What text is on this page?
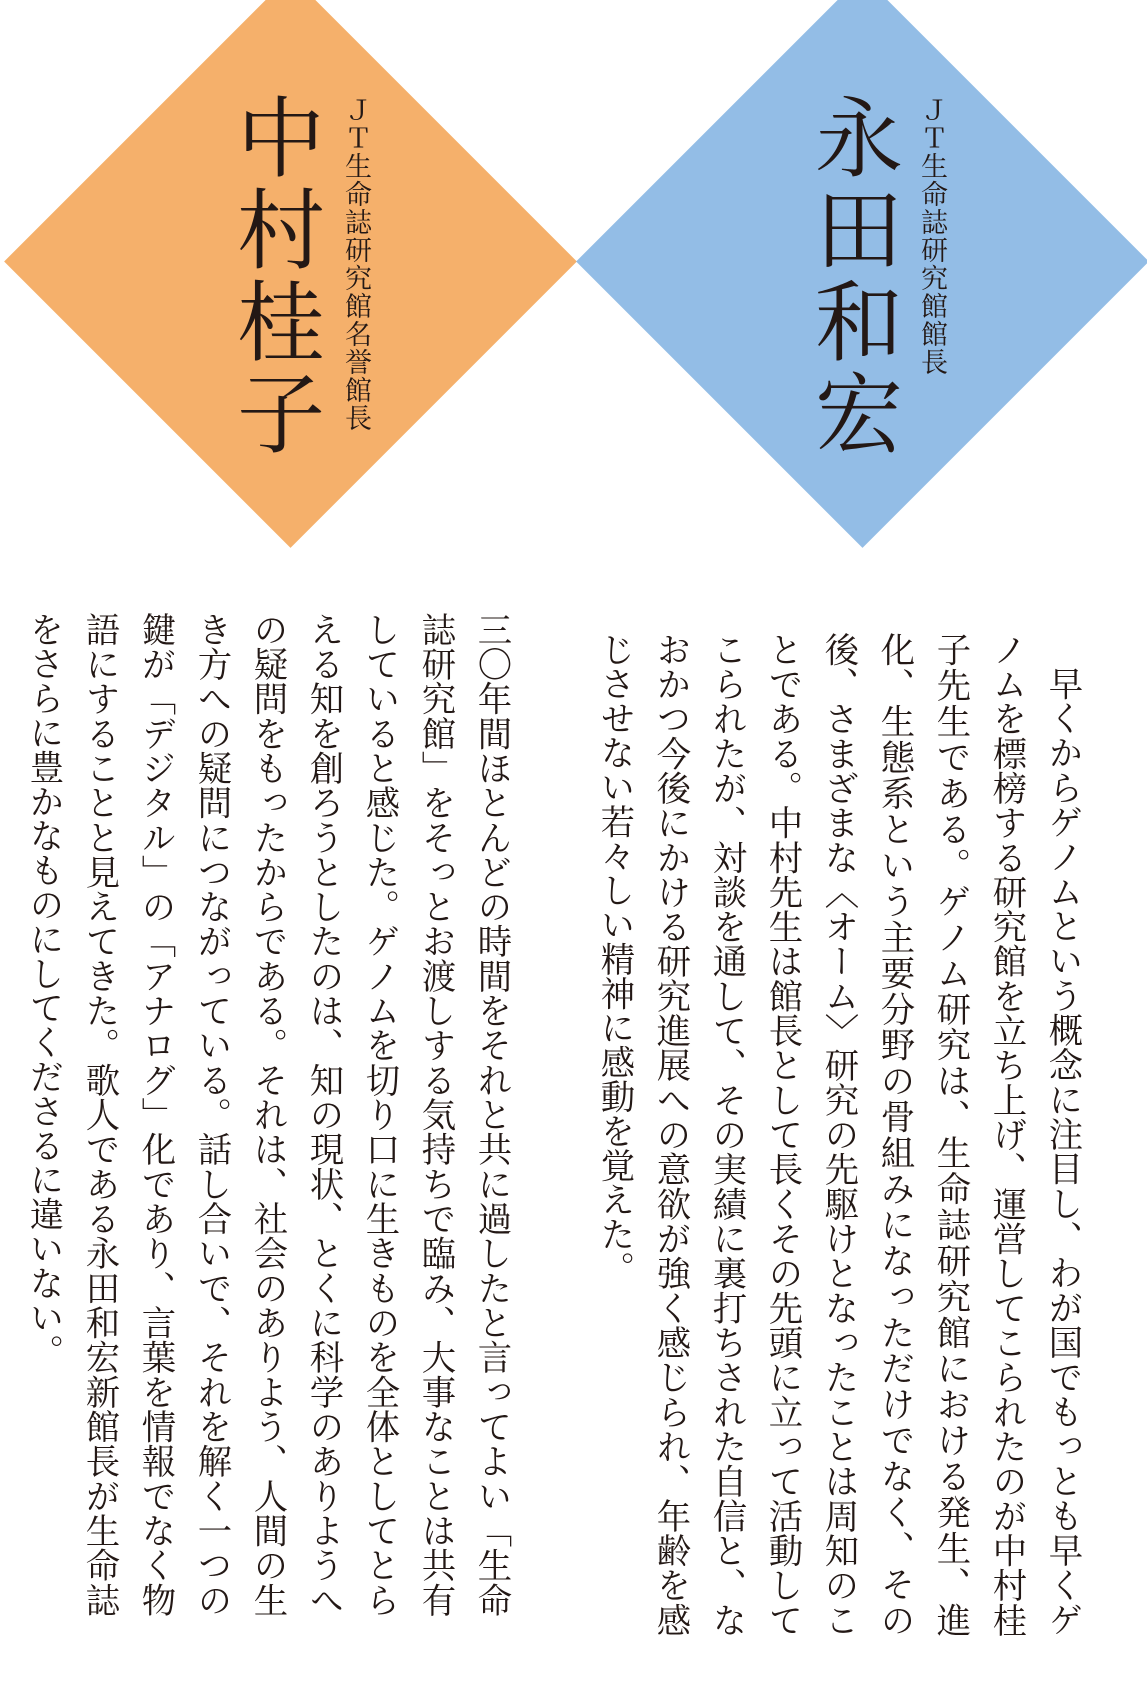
中村桂子 ＪＴ生命誌研究館名誉館長	永田和宏 ＪＴ生命誌研究館館長

早くからゲノムという概念に注目し、わが国でもっとも早くゲノムを標榜する研究館を立ち上げ、運営してこられたのが中村桂子先生である。ゲノム研究は、生命誌研究館における発生、進化、生態系という主要分野の骨組みになっただけでなく、その後、さまざまな〈オーム〉研究の先駆けとなったことは周知のことである。中村先生は館長として長くその先頭に立って活動してこられたが、対談を通して、その実績に裏打ちされた自信と、なおかつ今後にかける研究進展への意欲が強く感じられ、年齢を感じさせない若々しい精神に感動を覚えた。

三〇年間ほとんどの時間をそれと共に過したと言ってよい「生命誌研究館」をそっとお渡しする気持ちで臨み、大事なことは共有していると感じた。ゲノムを切り口に生きものを全体としてとらえる知を創ろうとしたのは、知の現状、とくに科学のありようへの疑問をもったからである。それは、社会のありよう、人間の生き方への疑問につながっている。話し合いで、それを解く一つの鍵が「デジタル」の「アナログ」化であり、言葉を情報でなく物語にすることと見えてきた。歌人である永田和宏新館長が生命誌をさらに豊かなものにしてくださるに違いない。
